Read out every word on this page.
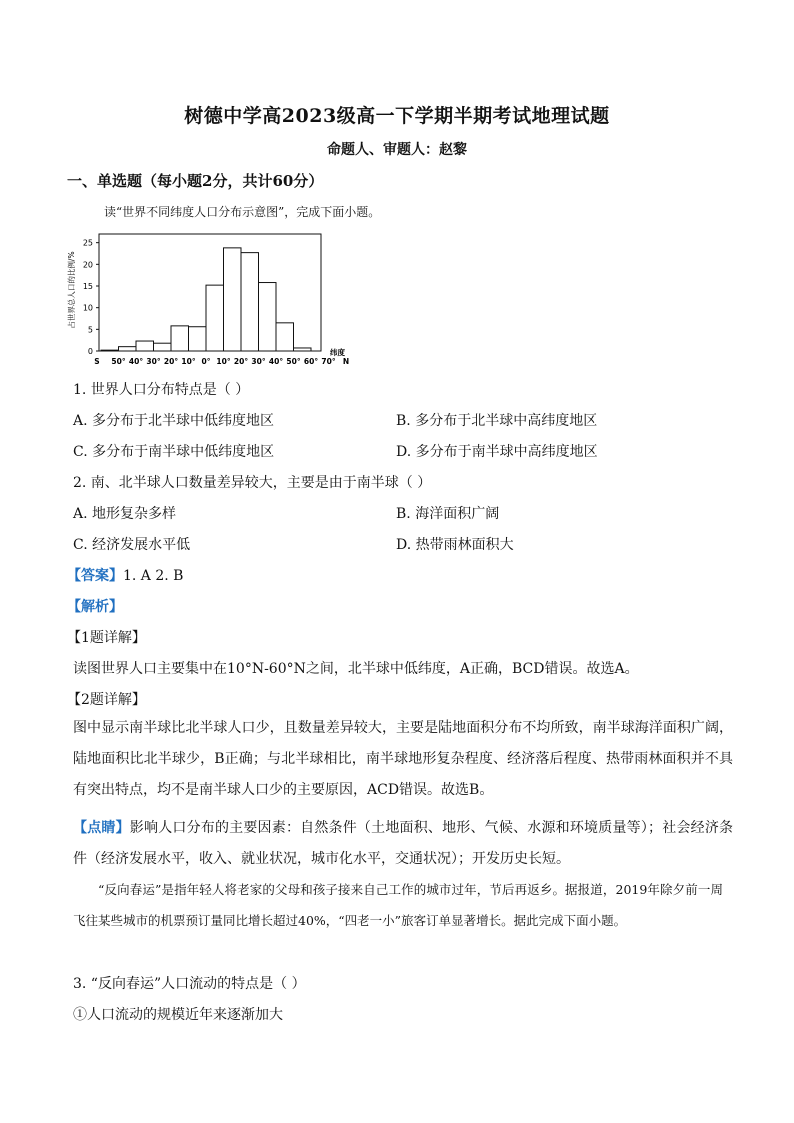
树德中学高2023级高一下学期半期考试地理试题
命题人、审题人：赵黎
一、单选题（每小题2分，共计60分）
读“世界不同纬度人口分布示意图”，完成下面小题。
占世界总人口的比例/%
0
5
10
15
20
25
S 50° 40° 30° 20° 10° 0° 10° 20° 30° 40° 50° 60° 70° N
纬度
1. 世界人口分布特点是（ ）
A. 多分布于北半球中低纬度地区	B. 多分布于北半球中高纬度地区
C. 多分布于南半球中低纬度地区	D. 多分布于南半球中高纬度地区
2. 南、北半球人口数量差异较大，主要是由于南半球（ ）
A. 地形复杂多样	B. 海洋面积广阔
C. 经济发展水平低	D. 热带雨林面积大
【答案】1. A 2. B
【解析】
【1题详解】
读图世界人口主要集中在10°N-60°N之间，北半球中低纬度，A正确，BCD错误。故选A。
【2题详解】
图中显示南半球比北半球人口少，且数量差异较大，主要是陆地面积分布不均所致，南半球海洋面积广阔，陆地面积比北半球少，B正确；与北半球相比，南半球地形复杂程度、经济落后程度、热带雨林面积并不具有突出特点，均不是南半球人口少的主要原因，ACD错误。故选B。
【点睛】影响人口分布的主要因素：自然条件（土地面积、地形、气候、水源和环境质量等）；社会经济条件（经济发展水平，收入、就业状况，城市化水平，交通状况）；开发历史长短。
“反向春运”是指年轻人将老家的父母和孩子接来自己工作的城市过年，节后再返乡。据报道，2019年除夕前一周飞往某些城市的机票预订量同比增长超过40%，“四老一小”旅客订单显著增长。据此完成下面小题。
3. “反向春运”人口流动的特点是（ ）
①人口流动的规模近年来逐渐加大
